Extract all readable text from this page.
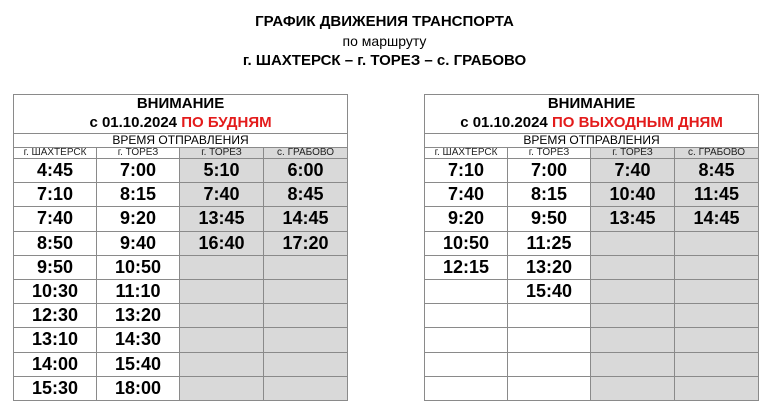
ГРАФИК ДВИЖЕНИЯ ТРАНСПОРТА
по маршруту
г. ШАХТЕРСК – г. ТОРЕЗ – с. ГРАБОВО
ВНИМАНИЕ			
с 01.10.2024 ПО БУДНЯМ			
ВРЕМЯ ОТПРАВЛЕНИЯ			
г. ШАХТЕРСК	г. ТОРЕЗ	г. ТОРЕЗ	с. ГРАБОВО
4:45	7:00	5:10	6:00
7:10	8:15	7:40	8:45
7:40	9:20	13:45	14:45
8:50	9:40	16:40	17:20
9:50	10:50		
10:30	11:10		
12:30	13:20		
13:10	14:30		
14:00	15:40		
15:30	18:00		
ВНИМАНИЕ			
с 01.10.2024 ПО ВЫХОДНЫМ ДНЯМ			
ВРЕМЯ ОТПРАВЛЕНИЯ			
г. ШАХТЕРСК	г. ТОРЕЗ	г. ТОРЕЗ	с. ГРАБОВО
7:10	7:00	7:40	8:45
7:40	8:15	10:40	11:45
9:20	9:50	13:45	14:45
10:50	11:25		
12:15	13:20		
	15:40		
